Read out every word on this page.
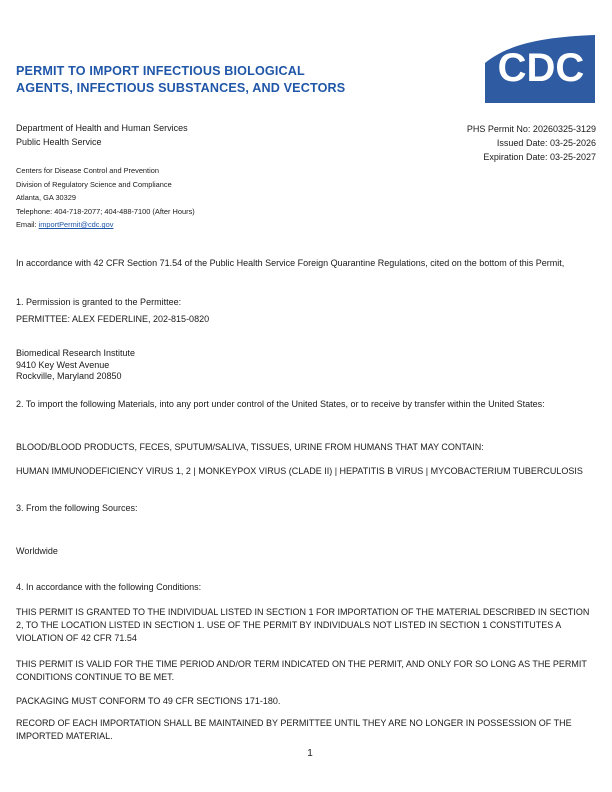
PERMIT TO IMPORT INFECTIOUS BIOLOGICAL
AGENTS, INFECTIOUS SUBSTANCES, AND VECTORS	CDC
Department of Health and Human Services
Public Health Service
PHS Permit No: 20260325-3129
Issued Date: 03-25-2026
Expiration Date: 03-25-2027
Centers for Disease Control and Prevention
Division of Regulatory Science and Compliance
Atlanta, GA 30329
Telephone: 404-718-2077; 404-488-7100 (After Hours)
Email: importPermit@cdc.gov
In accordance with 42 CFR Section 71.54 of the Public Health Service Foreign Quarantine Regulations, cited on the bottom of this Permit,
1. Permission is granted to the Permittee:
PERMITTEE: ALEX FEDERLINE, 202-815-0820
Biomedical Research Institute
9410 Key West Avenue
Rockville, Maryland 20850
2. To import the following Materials, into any port under control of the United States, or to receive by transfer within the United States:
BLOOD/BLOOD PRODUCTS, FECES, SPUTUM/SALIVA, TISSUES, URINE FROM HUMANS THAT MAY CONTAIN:
HUMAN IMMUNODEFICIENCY VIRUS 1, 2 | MONKEYPOX VIRUS (CLADE II) | HEPATITIS B VIRUS | MYCOBACTERIUM TUBERCULOSIS
3. From the following Sources:
Worldwide
4. In accordance with the following Conditions:
THIS PERMIT IS GRANTED TO THE INDIVIDUAL LISTED IN SECTION 1 FOR IMPORTATION OF THE MATERIAL DESCRIBED IN SECTION 2, TO THE LOCATION LISTED IN SECTION 1. USE OF THE PERMIT BY INDIVIDUALS NOT LISTED IN SECTION 1 CONSTITUTES A VIOLATION OF 42 CFR 71.54
THIS PERMIT IS VALID FOR THE TIME PERIOD AND/OR TERM INDICATED ON THE PERMIT, AND ONLY FOR SO LONG AS THE PERMIT CONDITIONS CONTINUE TO BE MET.
PACKAGING MUST CONFORM TO 49 CFR SECTIONS 171-180.
RECORD OF EACH IMPORTATION SHALL BE MAINTAINED BY PERMITTEE UNTIL THEY ARE NO LONGER IN POSSESSION OF THE IMPORTED MATERIAL.
1
